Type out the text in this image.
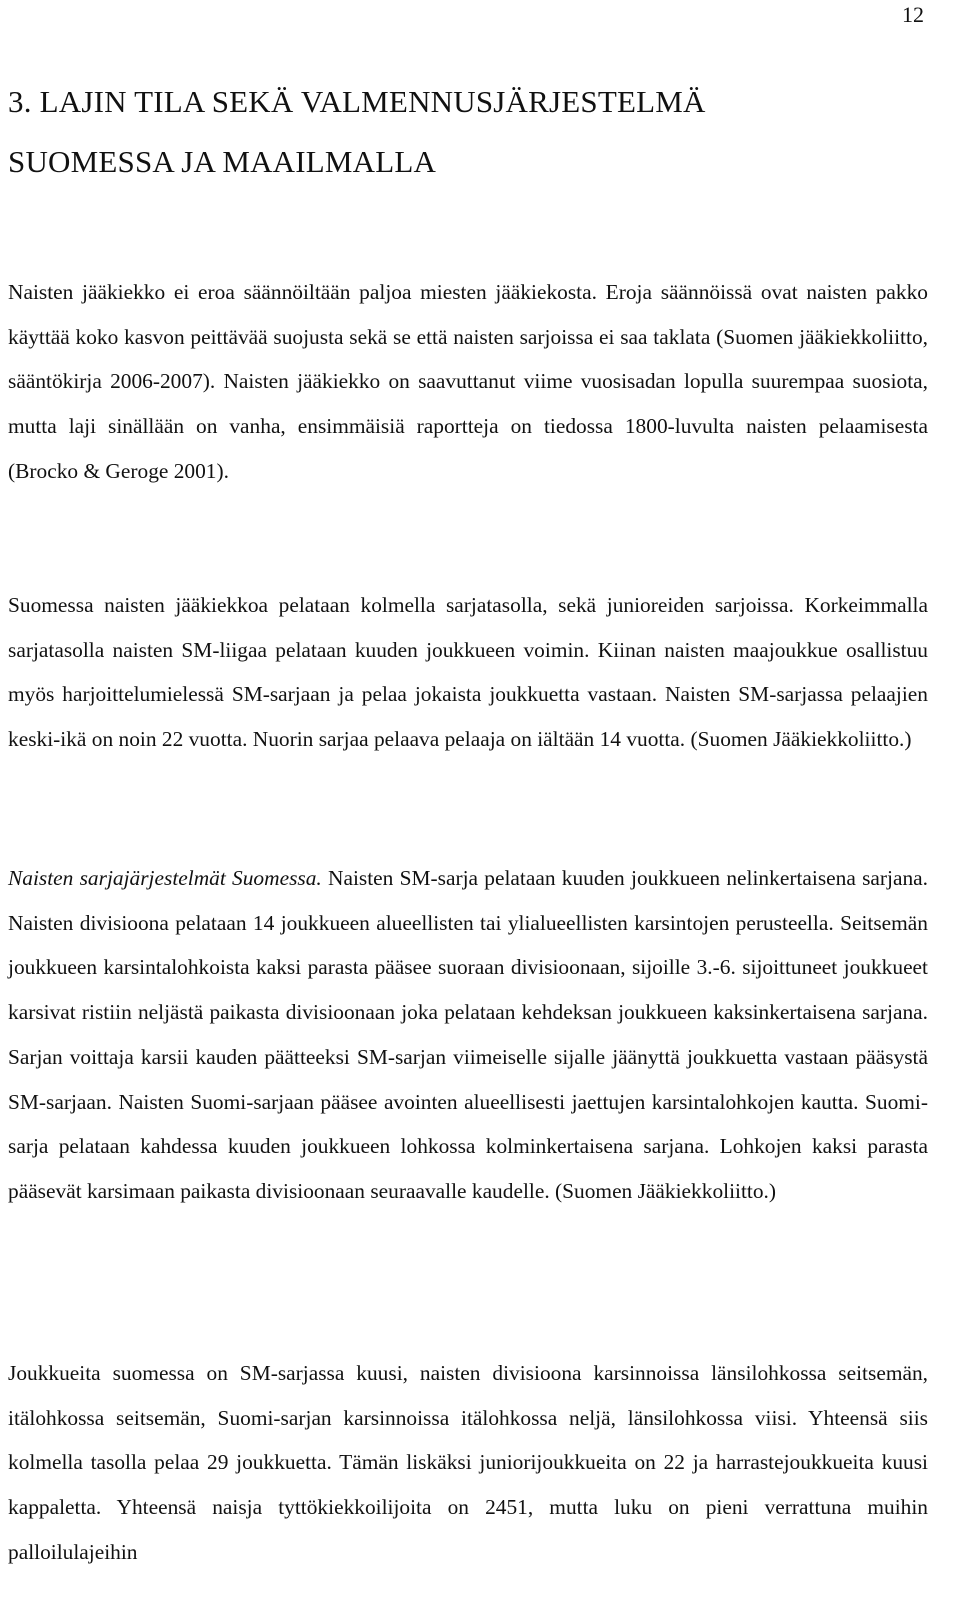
12
3. LAJIN TILA SEKÄ VALMENNUSJÄRJESTELMÄ
SUOMESSA JA MAAILMALLA

Naisten jääkiekko ei eroa säännöiltään paljoa miesten jääkiekosta. Eroja säännöissä ovat naisten pakko käyttää koko kasvon peittävää suojusta sekä se että naisten sarjoissa ei saa taklata (Suomen jääkiekkoliitto, sääntökirja 2006-2007). Naisten jääkiekko on saavuttanut viime vuosisadan lopulla suurempaa suosiota, mutta laji sinällään on vanha, ensimmäisiä raportteja on tiedossa 1800-luvulta naisten pelaamisesta (Brocko & Geroge 2001).

Suomessa naisten jääkiekkoa pelataan kolmella sarjatasolla, sekä junioreiden sarjoissa. Korkeimmalla sarjatasolla naisten SM-liigaa pelataan kuuden joukkueen voimin. Kiinan naisten maajoukkue osallistuu myös harjoittelumielessä SM-sarjaan ja pelaa jokaista joukkuetta vastaan. Naisten SM-sarjassa pelaajien keski-ikä on noin 22 vuotta. Nuorin sarjaa pelaava pelaaja on iältään 14 vuotta. (Suomen Jääkiekkoliitto.)

Naisten sarjajärjestelmät Suomessa. Naisten SM-sarja pelataan kuuden joukkueen nelinkertaisena sarjana. Naisten divisioona pelataan 14 joukkueen alueellisten tai ylialueellisten karsintojen perusteella. Seitsemän joukkueen karsintalohkoista kaksi parasta pääsee suoraan divisioonaan, sijoille 3.-6. sijoittuneet joukkueet karsivat ristiin neljästä paikasta divisioonaan joka pelataan kehdeksan joukkueen kaksinkertaisena sarjana. Sarjan voittaja karsii kauden päätteeksi SM-sarjan viimeiselle sijalle jäänyttä joukkuetta vastaan pääsystä SM-sarjaan. Naisten Suomi-sarjaan pääsee avointen alueellisesti jaettujen karsintalohkojen kautta. Suomi-sarja pelataan kahdessa kuuden joukkueen lohkossa kolminkertaisena sarjana. Lohkojen kaksi parasta pääsevät karsimaan paikasta divisioonaan seuraavalle kaudelle. (Suomen Jääkiekkoliitto.)

Joukkueita suomessa on SM-sarjassa kuusi, naisten divisioona karsinnoissa länsilohkossa seitsemän, itälohkossa seitsemän, Suomi-sarjan karsinnoissa itälohkossa neljä, länsilohkossa viisi. Yhteensä siis kolmella tasolla pelaa 29 joukkuetta. Tämän liskäksi juniorijoukkueita on 22 ja harrastejoukkueita kuusi kappaletta. Yhteensä naisja tyttökiekkoilijoita on 2451, mutta luku on pieni verrattuna muihin palloilulajeihin
